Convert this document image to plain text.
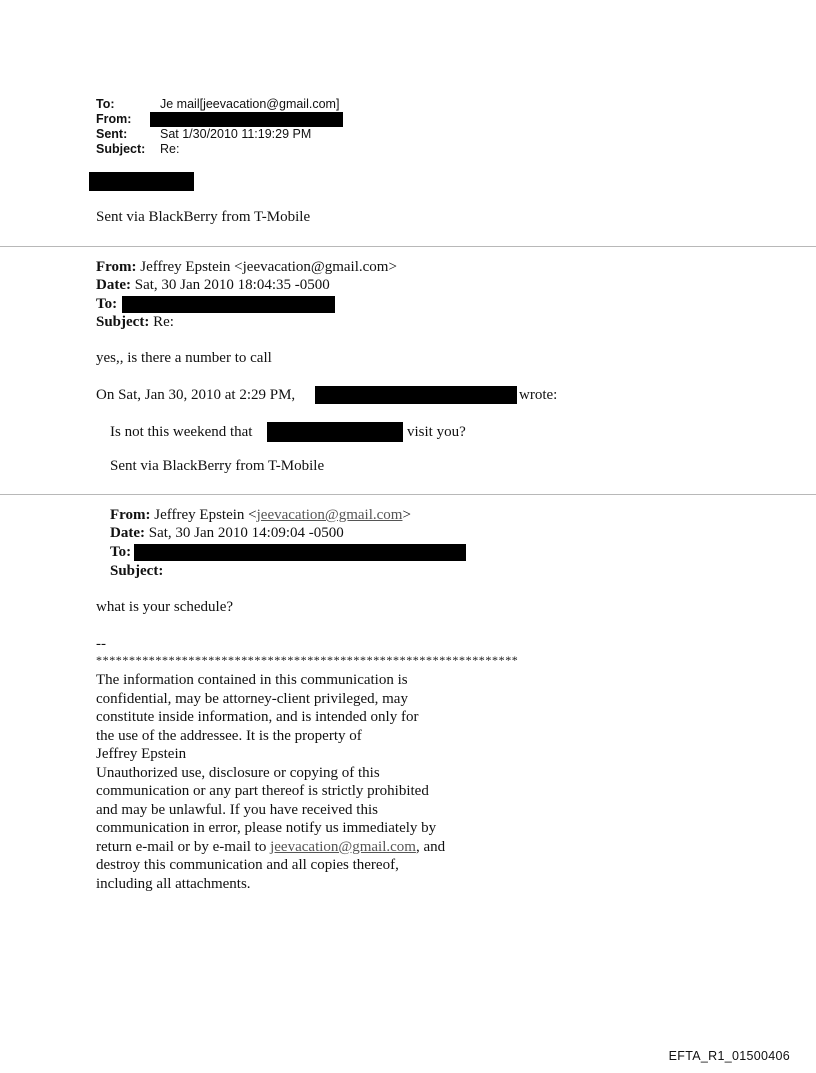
To:	Je mail[jeevacation@gmail.com]
From:
Sent:	Sat 1/30/2010 11:19:29 PM
Subject: Re:
Sent via BlackBerry from T-Mobile
From: Jeffrey Epstein <jeevacation@gmail.com>
Date: Sat, 30 Jan 2010 18:04:35 -0500
To:
Subject: Re:
yes,, is there a number to call
On Sat, Jan 30, 2010 at 2:29 PM,	wrote:
Is not this weekend that	visit you?
Sent via BlackBerry from T-Mobile
From: Jeffrey Epstein <jeevacation@gmail.com>
Date: Sat, 30 Jan 2010 14:09:04 -0500
To:
Subject:
what is your schedule?
--
****************************************************************
The information contained in this communication is
confidential, may be attorney-client privileged, may
constitute inside information, and is intended only for
the use of the addressee. It is the property of
Jeffrey Epstein
Unauthorized use, disclosure or copying of this
communication or any part thereof is strictly prohibited
and may be unlawful. If you have received this
communication in error, please notify us immediately by
return e-mail or by e-mail to jeevacation@gmail.com, and
destroy this communication and all copies thereof,
including all attachments.
EFTA_R1_01500406
